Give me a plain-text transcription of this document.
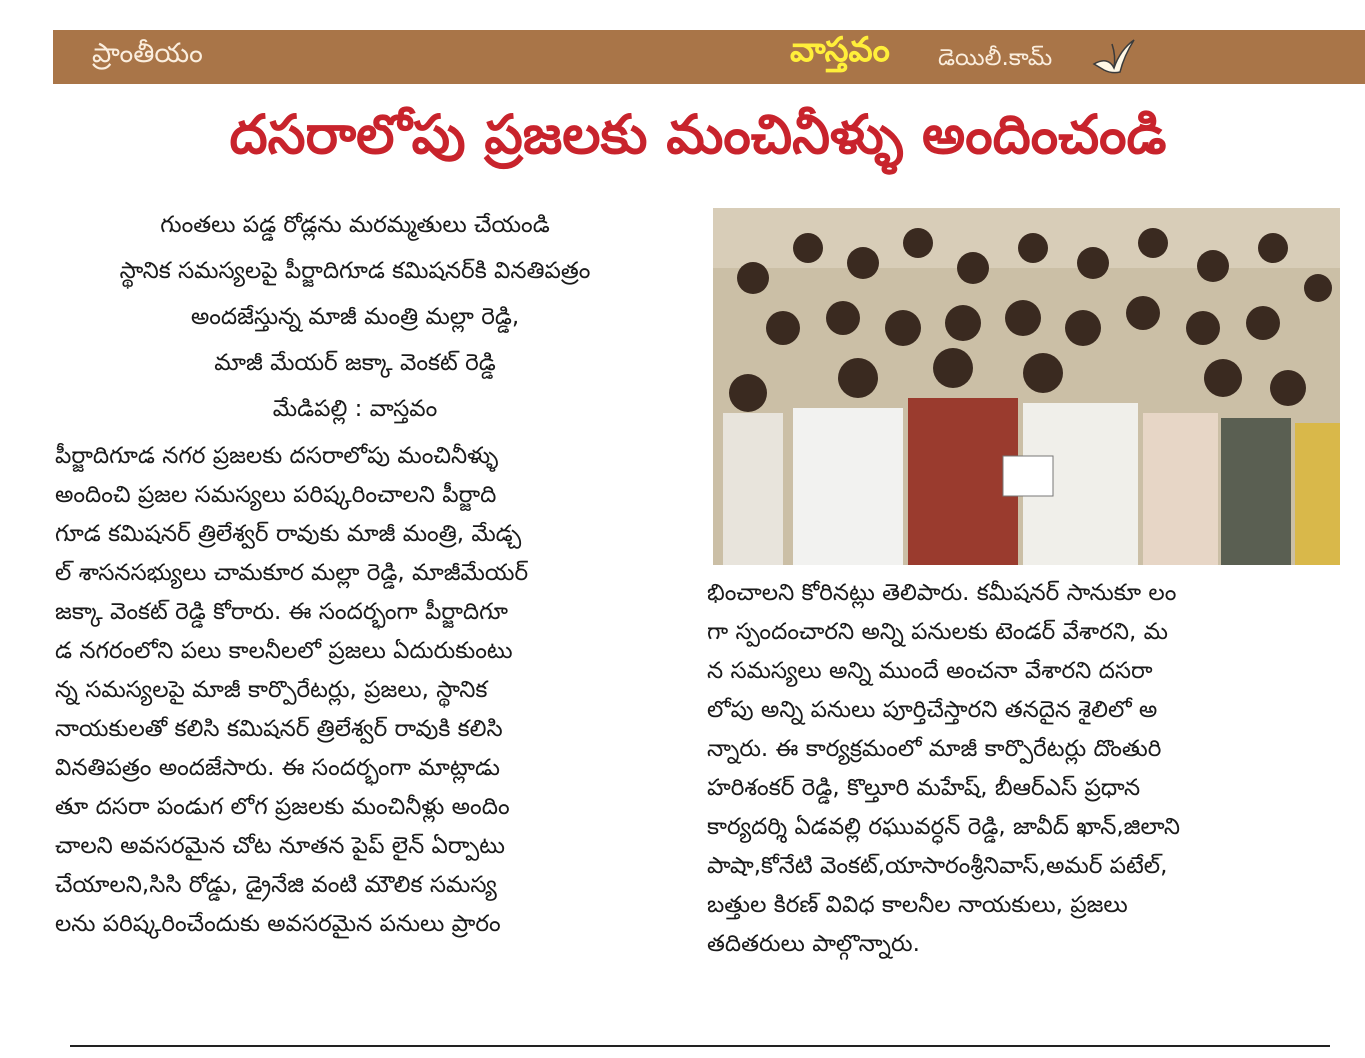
ప్రాంతీయం	వాస్తవం డెయిలీ.కామ్
దసరాలోపు ప్రజలకు మంచినీళ్ళు అందించండి
గుంతలు పడ్డ రోడ్లను మరమ్మతులు చేయండి
స్థానిక సమస్యలపై పీర్జాదిగూడ కమిషనర్‌కి వినతిపత్రం
అందజేస్తున్న మాజీ మంత్రి మల్లా రెడ్డి,
మాజీ మేయర్ జక్కా వెంకట్ రెడ్డి
మేడిపల్లి : వాస్తవం
పీర్జాదిగూడ నగర ప్రజలకు దసరాలోపు మంచినీళ్ళు
అందించి ప్రజల సమస్యలు పరిష్కరించాలని పీర్జాది
గూడ కమిషనర్ త్రిలేశ్వర్ రావుకు మాజీ మంత్రి, మేడ్చ
ల్ శాసనసభ్యులు చామకూర మల్లా రెడ్డి, మాజీమేయర్
జక్కా వెంకట్ రెడ్డి కోరారు. ఈ సందర్భంగా పీర్జాదిగూ
డ నగరంలోని పలు కాలనీలలో ప్రజలు ఏదురుకుంటు
న్న సమస్యలపై మాజీ కార్పొరేటర్లు, ప్రజలు, స్థానిక
నాయకులతో కలిసి కమిషనర్ త్రిలేశ్వర్ రావుకి కలిసి
వినతిపత్రం అందజేసారు. ఈ సందర్భంగా మాట్లాడు
తూ దసరా పండుగ లోగ ప్రజలకు మంచినీళ్లు అందిం
చాలని అవసరమైన చోట నూతన పైప్ లైన్ ఏర్పాటు
చేయాలని,సిసి రోడ్డు, డ్రైనేజి వంటి మౌలిక సమస్య
లను పరిష్కరించేందుకు అవసరమైన పనులు ప్రారం
భించాలని కోరినట్లు తెలిపారు. కమీషనర్ సానుకూ లం
గా స్పందంచారని అన్ని పనులకు టెండర్ వేశారని, మ
న సమస్యలు అన్ని ముందే అంచనా వేశారని దసరా
లోపు అన్ని పనులు పూర్తిచేస్తారని తనదైన శైలిలో అ
న్నారు. ఈ కార్యక్రమంలో మాజీ కార్పొరేటర్లు దొంతురి
హరిశంకర్ రెడ్డి, కొల్తూరి మహేష్, బీఆర్ఎస్ ప్రధాన
కార్యదర్శి ఏడవల్లి రఘువర్ధన్ రెడ్డి, జావీద్ ఖాన్,జిలాని
పాషా,కోనేటి వెంకట్,యాసారంశ్రీనివాస్,అమర్ పటేల్,
బత్తుల కిరణ్ వివిధ కాలనీల నాయకులు, ప్రజలు
తదితరులు పాల్గొన్నారు.
